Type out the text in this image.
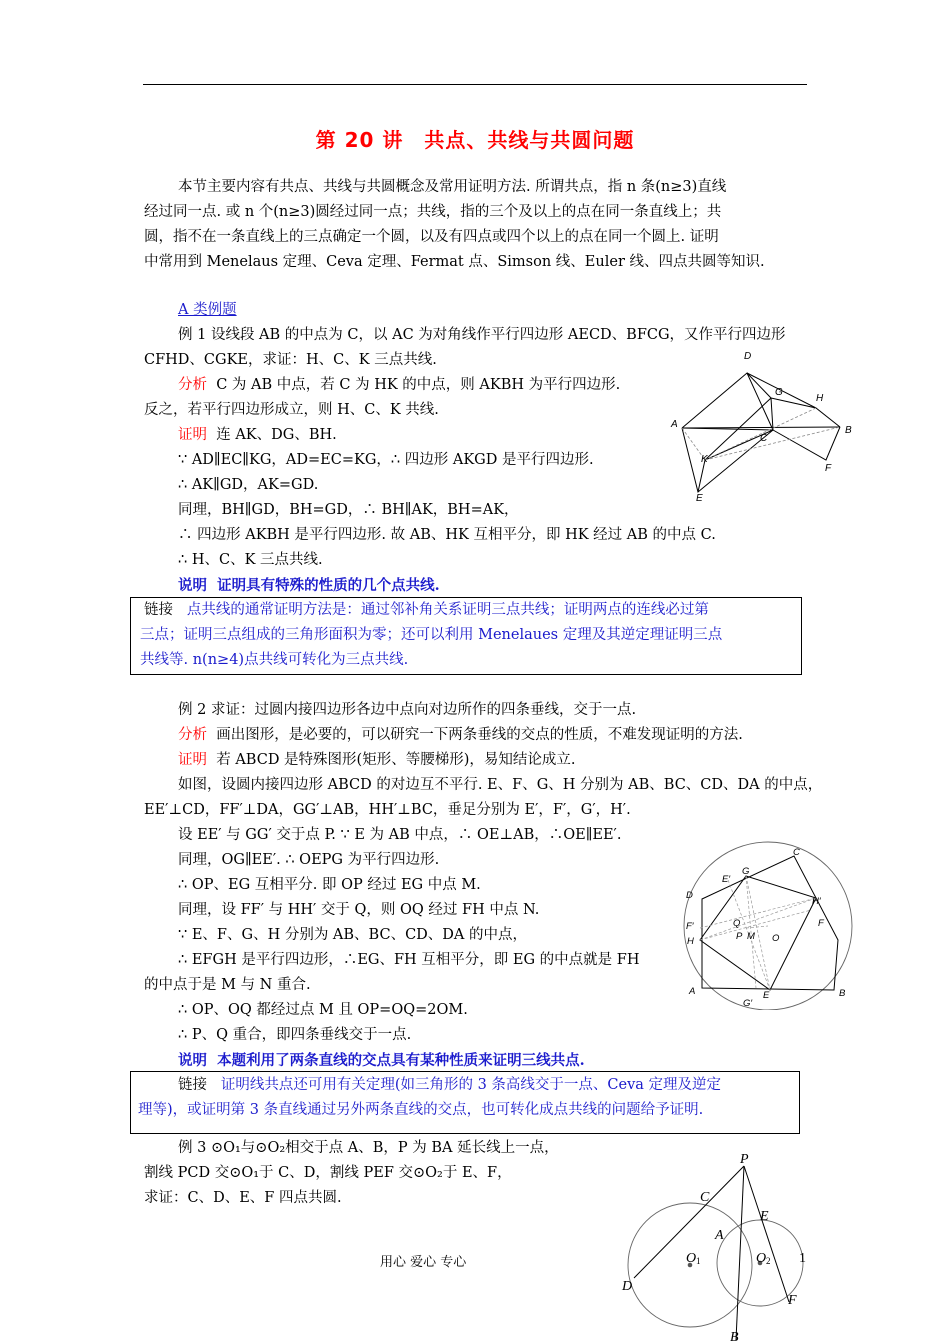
第 20 讲　共点、共线与共圆问题
本节主要内容有共点、共线与共圆概念及常用证明方法. 所谓共点，指 n 条(n≥3)直线
经过同一点. 或 n 个(n≥3)圆经过同一点；共线，指的三个及以上的点在同一条直线上；共
圆，指不在一条直线上的三点确定一个圆，以及有四点或四个以上的点在同一个圆上. 证明
中常用到 Menelaus 定理、Ceva 定理、Fermat 点、Simson 线、Euler 线、四点共圆等知识.
A 类例题
例 1 设线段 AB 的中点为 C，以 AC 为对角线作平行四边形 AECD、BFCG，又作平行四边形
CFHD、CGKE，求证：H、C、K 三点共线.
分析 C 为 AB 中点，若 C 为 HK 的中点，则 AKBH 为平行四边形.
反之，若平行四边形成立，则 H、C、K 共线.
证明 连 AK、DG、BH.
∵ AD∥EC∥KG，AD=EC=KG，∴ 四边形 AKGD 是平行四边形.
∴ AK∥GD，AK=GD.
同理，BH∥GD，BH=GD，∴ BH∥AK，BH=AK，
∴ 四边形 AKBH 是平行四边形. 故 AB、HK 互相平分，即 HK 经过 AB 的中点 C.
∴ H、C、K 三点共线.
说明 证明具有特殊的性质的几个点共线.
链接 点共线的通常证明方法是：通过邻补角关系证明三点共线；证明两点的连线必过第
三点；证明三点组成的三角形面积为零；还可以利用 Menelaues 定理及其逆定理证明三点
共线等. n(n≥4)点共线可转化为三点共线.
D
G
H
A
B
C
K
F
E
例 2 求证：过圆内接四边形各边中点向对边所作的四条垂线，交于一点.
分析 画出图形，是必要的，可以研究一下两条垂线的交点的性质，不难发现证明的方法.
证明 若 ABCD 是特殊图形(矩形、等腰梯形)，易知结论成立.
如图，设圆内接四边形 ABCD 的对边互不平行. E、F、G、H 分别为 AB、BC、CD、DA 的中点，
EE′⊥CD，FF′⊥DA，GG′⊥AB，HH′⊥BC，垂足分别为 E′，F′，G′，H′.
设 EE′ 与 GG′ 交于点 P. ∵ E 为 AB 中点，∴ OE⊥AB，∴OE∥EE′.
同理，OG∥EE′. ∴ OEPG 为平行四边形.
∴ OP、EG 互相平分. 即 OP 经过 EG 中点 M.
同理，设 FF′ 与 HH′ 交于 Q，则 OQ 经过 FH 中点 N.
∵ E、F、G、H 分别为 AB、BC、CD、DA 的中点，
∴ EFGH 是平行四边形，∴EG、FH 互相平分，即 EG 的中点就是 FH
的中点于是 M 与 N 重合.
∴ OP、OQ 都经过点 M 且 OP=OQ=2OM.
∴ P、Q 重合，即四条垂线交于一点.
说明 本题利用了两条直线的交点具有某种性质来证明三线共点.
链接 证明线共点还可用有关定理(如三角形的 3 条高线交于一点、Ceva 定理及逆定
理等)，或证明第 3 条直线通过另外两条直线的交点，也可转化成点共线的问题给予证明.
C
G
E′
D
H′
F′	Q	F
H	P M O
A	E	B
G′
例 3 ⊙O₁与⊙O₂相交于点 A、B，P 为 BA 延长线上一点，
割线 PCD 交⊙O₁于 C、D，割线 PEF 交⊙O₂于 E、F，
求证：C、D、E、F 四点共圆.
P
C
E
A
O	O
D
B
F
1	2 1
用心 爱心 专心
